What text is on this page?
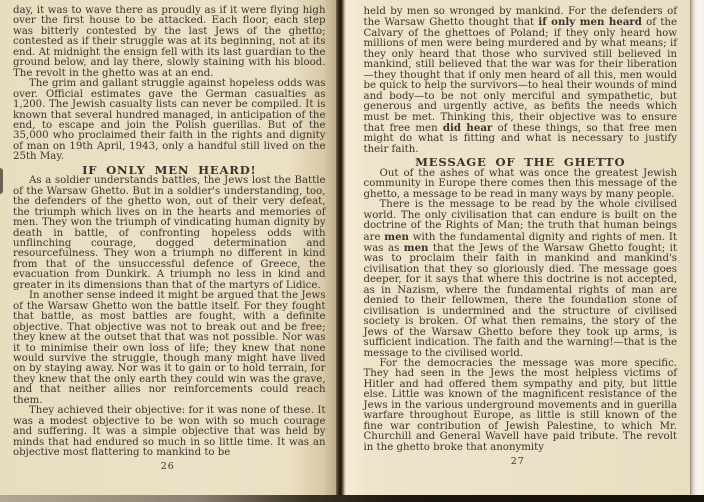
day, it was to wave there as proudly as if it were flying high over the first house to be attacked. Each floor, each step was bitterly contested by the last Jews of the ghetto; contested as if their struggle was at its beginning, not at its end. At midnight the ensign fell with its last guardian to the ground below, and lay there, slowly staining with his blood. The revolt in the ghetto was at an end.

The grim and gallant struggle against hopeless odds was over. Official estimates gave the German casualties as 1,200. The Jewish casualty lists can never be compiled. It is known that several hundred managed, in anticipation of the end, to escape and join the Polish guerillas. But of the 35,000 who proclaimed their faith in the rights and dignity of man on 19th April, 1943, only a handful still lived on the 25th May.

IF ONLY MEN HEARD!

As a soldier understands battles, the Jews lost the Battle of the Warsaw Ghetto. But in a soldier's understanding, too, the defenders of the ghetto won, out of their very defeat, the triumph which lives on in the hearts and memories of men. They won the triumph of vindicating human dignity by death in battle, of confronting hopeless odds with unflinching courage, dogged determination and resourcefulness. They won a triumph no different in kind from that of the unsuccessful defence of Greece, the evacuation from Dunkirk. A triumph no less in kind and greater in its dimensions than that of the martyrs of Lidice.

In another sense indeed it might be argued that the Jews of the Warsaw Ghetto won the battle itself. For they fought that battle, as most battles are fought, with a definite objective. That objective was not to break out and be free; they knew at the outset that that was not possible. Nor was it to minimise their own loss of life; they knew that none would survive the struggle, though many might have lived on by staying away. Nor was it to gain or to hold terrain, for they knew that the only earth they could win was the grave, and that neither allies nor reinforcements could reach them.

They achieved their objective: for it was none of these. It was a modest objective to be won with so much courage and suffering. It was a simple objective that was held by minds that had endured so much in so little time. It was an objective most flattering to mankind to be

26

held by men so wronged by mankind. For the defenders of the Warsaw Ghetto thought that if only men heard of the Calvary of the ghettoes of Poland; if they only heard how millions of men were being murdered and by what means; if they only heard that those who survived still believed in mankind, still believed that the war was for their liberation—they thought that if only men heard of all this, men would be quick to help the survivors—to heal their wounds of mind and body—to be not only merciful and sympathetic, but generous and urgently active, as befits the needs which must be met. Thinking this, their objective was to ensure that free men did hear of these things, so that free men might do what is fitting and what is necessary to justify their faith.

MESSAGE OF THE GHETTO

Out of the ashes of what was once the greatest Jewish community in Europe there comes then this message of the ghetto, a message to be read in many ways by many people.

There is the message to be read by the whole civilised world. The only civilisation that can endure is built on the doctrine of the Rights of Man; the truth that human beings are men with the fundamental dignity and rights of men. It was as men that the Jews of the Warsaw Ghetto fought; it was to proclaim their faith in mankind and mankind's civilisation that they so gloriously died. The message goes deeper, for it says that where this doctrine is not accepted, as in Nazism, where the fundamental rights of man are denied to their fellowmen, there the foundation stone of civilisation is undermined and the structure of civilised society is broken. Of what then remains, the story of the Jews of the Warsaw Ghetto before they took up arms, is sufficient indication. The faith and the warning!—that is the message to the civilised world.

For the democracies the message was more specific. They had seen in the Jews the most helpless victims of Hitler and had offered them sympathy and pity, but little else. Little was known of the magnificent resistance of the Jews in the various underground movements and in guerilla warfare throughout Europe, as little is still known of the fine war contribution of Jewish Palestine, to which Mr. Churchill and General Wavell have paid tribute. The revolt in the ghetto broke that anonymity

27
